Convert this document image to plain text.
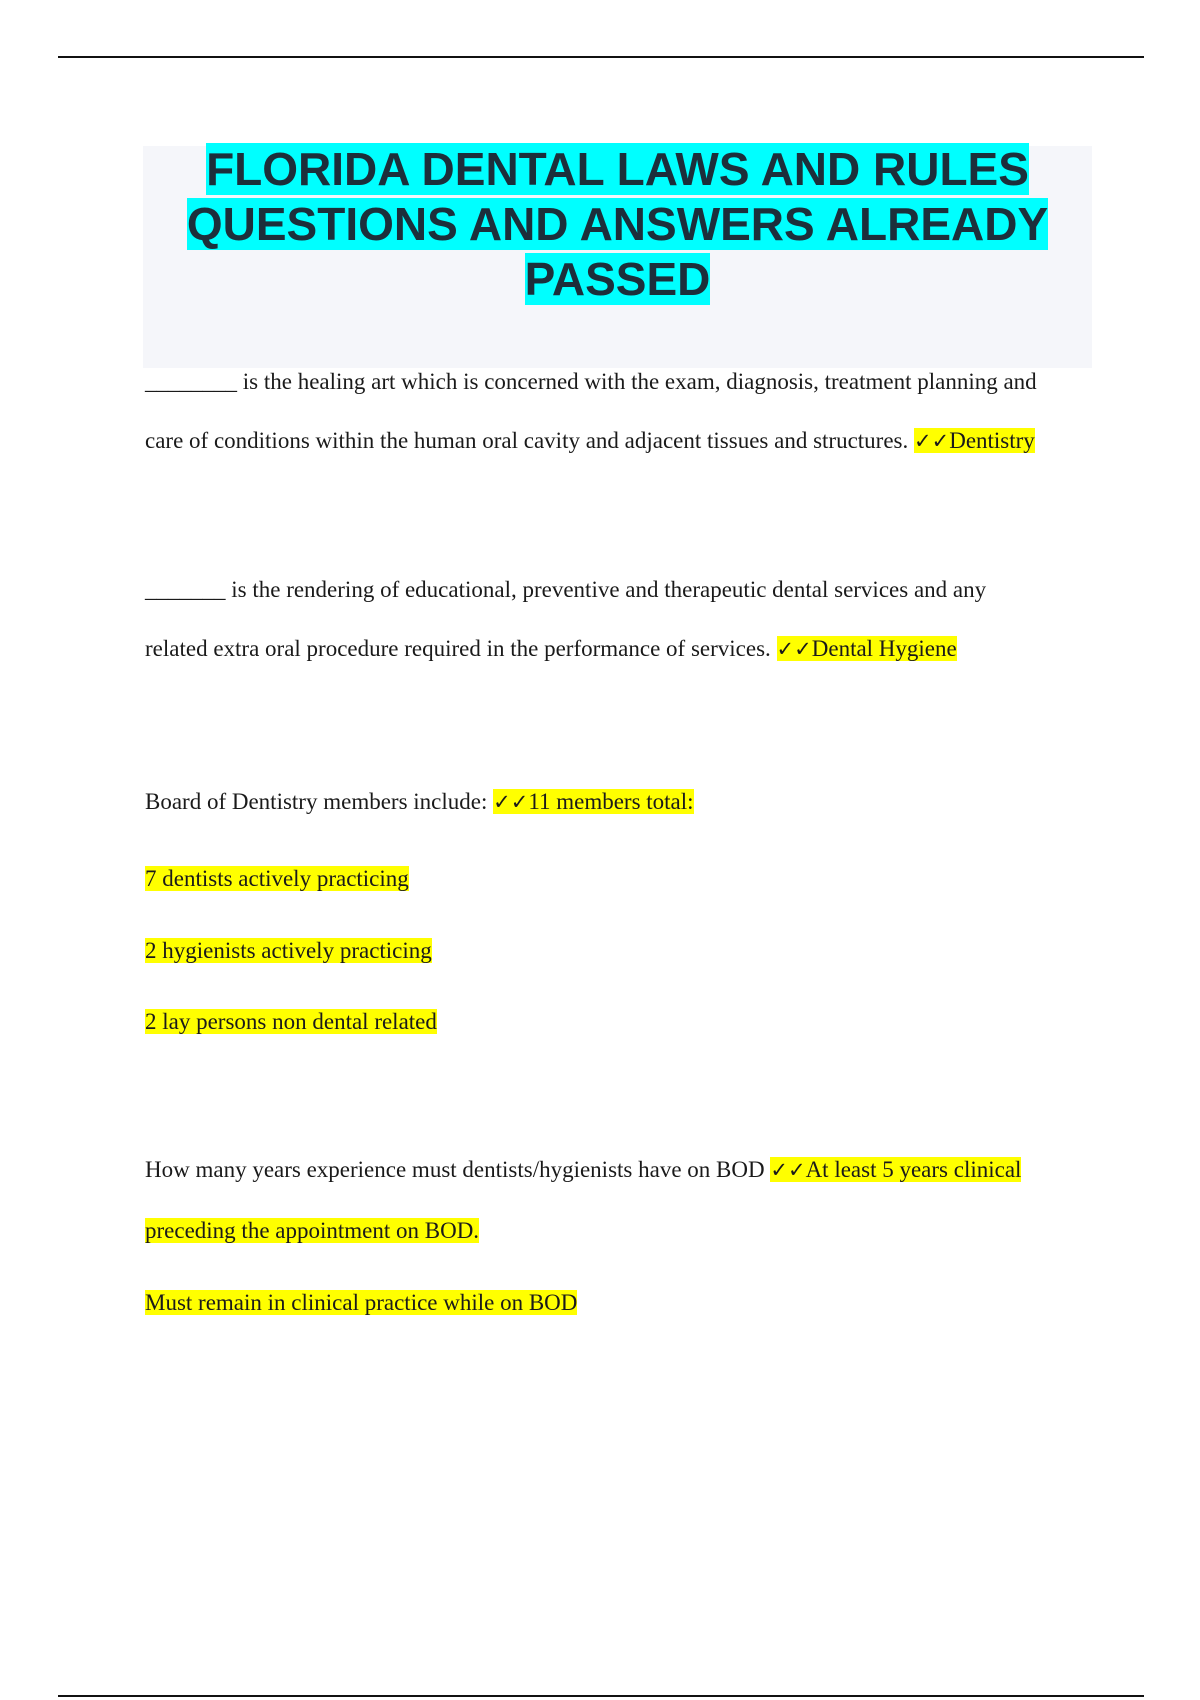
FLORIDA DENTAL LAWS AND RULES QUESTIONS AND ANSWERS ALREADY PASSED
________ is the healing art which is concerned with the exam, diagnosis, treatment planning and
care of conditions within the human oral cavity and adjacent tissues and structures. ✓✓Dentistry
_______ is the rendering of educational, preventive and therapeutic dental services and any
related extra oral procedure required in the performance of services. ✓✓Dental Hygiene
Board of Dentistry members include: ✓✓11 members total:
7 dentists actively practicing
2 hygienists actively practicing
2 lay persons non dental related
How many years experience must dentists/hygienists have on BOD ✓✓At least 5 years clinical
preceding the appointment on BOD.
Must remain in clinical practice while on BOD
